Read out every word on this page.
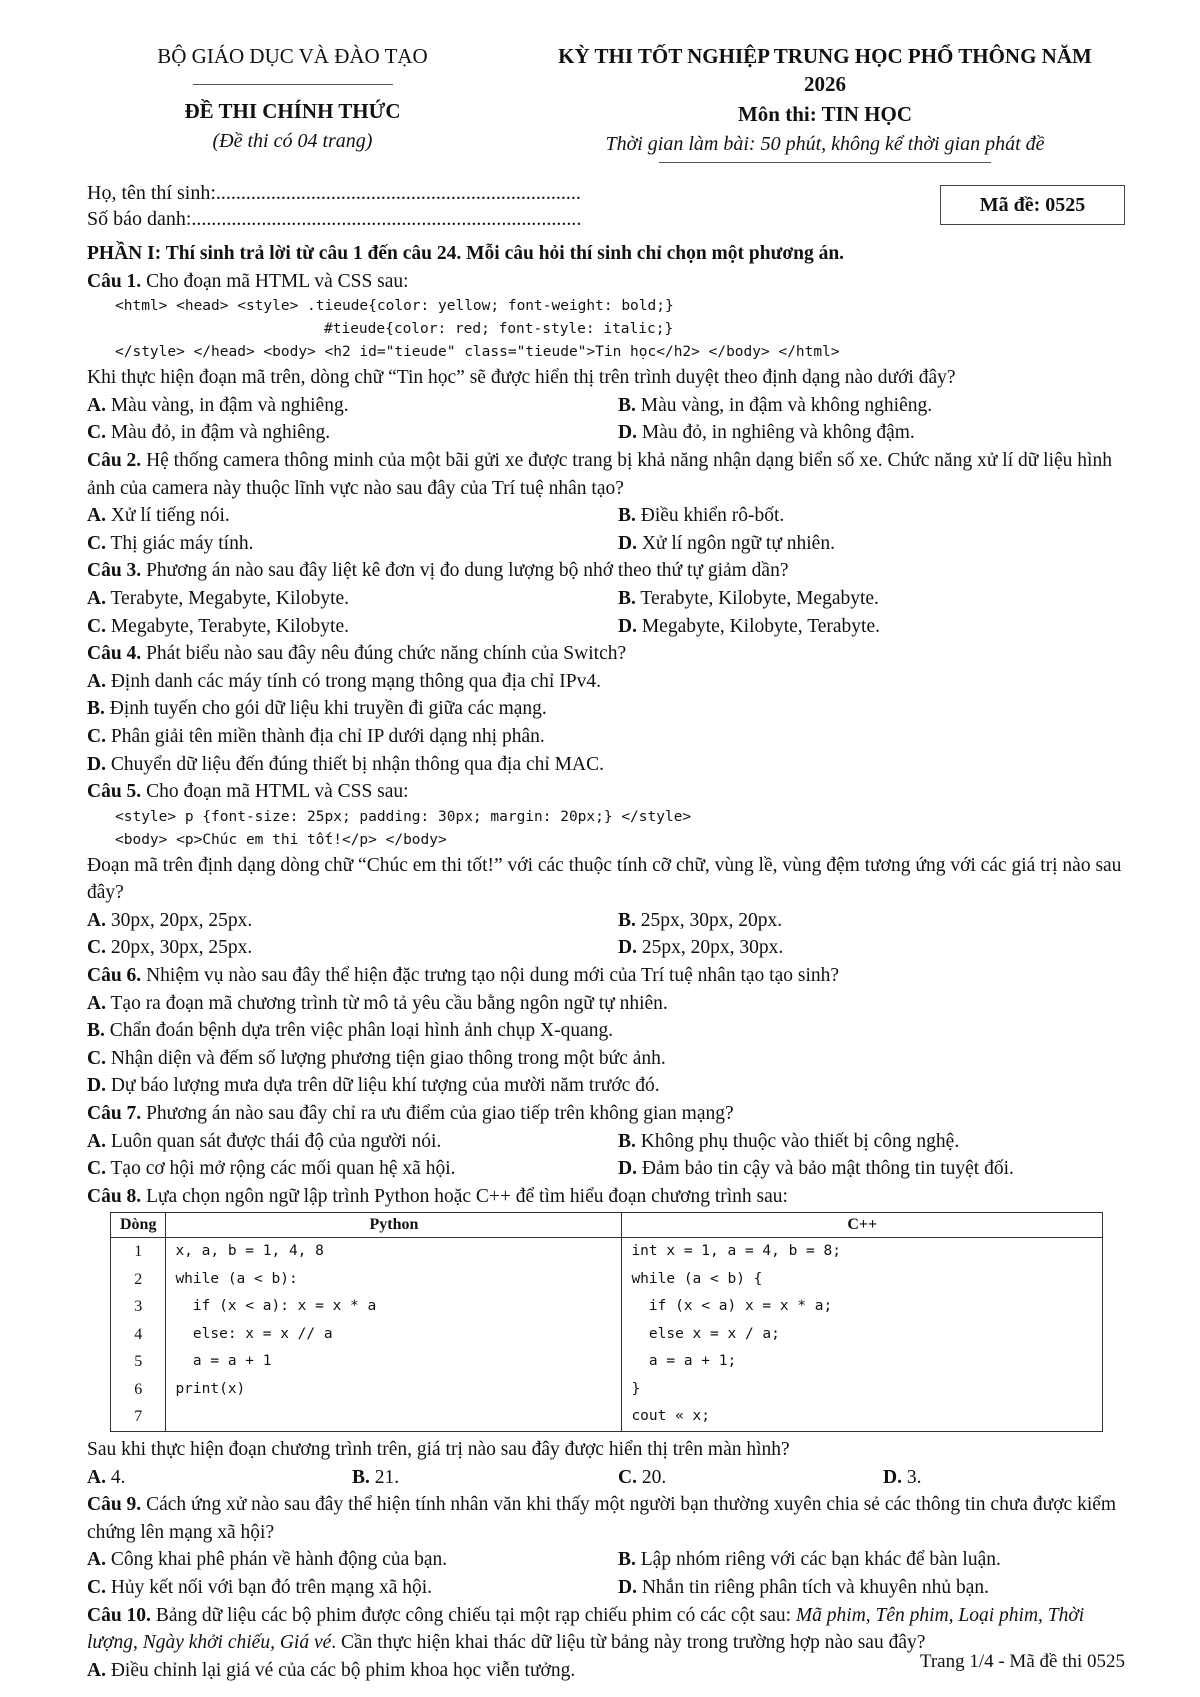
BỘ GIÁO DỤC VÀ ĐÀO TẠO
ĐỀ THI CHÍNH THỨC
(Đề thi có 04 trang)
KỲ THI TỐT NGHIỆP TRUNG HỌC PHỔ THÔNG NĂM 2026
Môn thi: TIN HỌC
Thời gian làm bài: 50 phút, không kể thời gian phát đề
Họ, tên thí sinh:.........................................................................
Số báo danh:..............................................................................
Mã đề: 0525
PHẦN I: Thí sinh trả lời từ câu 1 đến câu 24. Mỗi câu hỏi thí sinh chỉ chọn một phương án.
Câu 1. Cho đoạn mã HTML và CSS sau:
<html> <head> <style> .tieude{color: yellow; font-weight: bold;}
#tieude{color: red; font-style: italic;}
</style> </head> <body> <h2 id="tieude" class="tieude">Tin học</h2> </body> </html>
Khi thực hiện đoạn mã trên, dòng chữ “Tin học” sẽ được hiển thị trên trình duyệt theo định dạng nào dưới đây?
A. Màu vàng, in đậm và nghiêng.	B. Màu vàng, in đậm và không nghiêng.
C. Màu đỏ, in đậm và nghiêng.	D. Màu đỏ, in nghiêng và không đậm.
Câu 2. Hệ thống camera thông minh của một bãi gửi xe được trang bị khả năng nhận dạng biển số xe. Chức năng xử lí dữ liệu hình ảnh của camera này thuộc lĩnh vực nào sau đây của Trí tuệ nhân tạo?
A. Xử lí tiếng nói.	B. Điều khiển rô-bốt.
C. Thị giác máy tính.	D. Xử lí ngôn ngữ tự nhiên.
Câu 3. Phương án nào sau đây liệt kê đơn vị đo dung lượng bộ nhớ theo thứ tự giảm dần?
A. Terabyte, Megabyte, Kilobyte.	B. Terabyte, Kilobyte, Megabyte.
C. Megabyte, Terabyte, Kilobyte.	D. Megabyte, Kilobyte, Terabyte.
Câu 4. Phát biểu nào sau đây nêu đúng chức năng chính của Switch?
A. Định danh các máy tính có trong mạng thông qua địa chỉ IPv4.
B. Định tuyến cho gói dữ liệu khi truyền đi giữa các mạng.
C. Phân giải tên miền thành địa chỉ IP dưới dạng nhị phân.
D. Chuyển dữ liệu đến đúng thiết bị nhận thông qua địa chỉ MAC.
Câu 5. Cho đoạn mã HTML và CSS sau:
<style> p {font-size: 25px; padding: 30px; margin: 20px;} </style>
<body> <p>Chúc em thi tốt!</p> </body>
Đoạn mã trên định dạng dòng chữ “Chúc em thi tốt!” với các thuộc tính cỡ chữ, vùng lề, vùng đệm tương ứng với các giá trị nào sau đây?
A. 30px, 20px, 25px.	B. 25px, 30px, 20px.
C. 20px, 30px, 25px.	D. 25px, 20px, 30px.
Câu 6. Nhiệm vụ nào sau đây thể hiện đặc trưng tạo nội dung mới của Trí tuệ nhân tạo tạo sinh?
A. Tạo ra đoạn mã chương trình từ mô tả yêu cầu bằng ngôn ngữ tự nhiên.
B. Chẩn đoán bệnh dựa trên việc phân loại hình ảnh chụp X-quang.
C. Nhận diện và đếm số lượng phương tiện giao thông trong một bức ảnh.
D. Dự báo lượng mưa dựa trên dữ liệu khí tượng của mười năm trước đó.
Câu 7. Phương án nào sau đây chỉ ra ưu điểm của giao tiếp trên không gian mạng?
A. Luôn quan sát được thái độ của người nói.	B. Không phụ thuộc vào thiết bị công nghệ.
C. Tạo cơ hội mở rộng các mối quan hệ xã hội.	D. Đảm bảo tin cậy và bảo mật thông tin tuyệt đối.
Câu 8. Lựa chọn ngôn ngữ lập trình Python hoặc C++ để tìm hiểu đoạn chương trình sau:
Dòng	Python	C++
1	x, a, b = 1, 4, 8	int x = 1, a = 4, b = 8;
2	while (a < b):	while (a < b) {
3	if (x < a): x = x * a	if (x < a) x = x * a;
4	else: x = x // a	else x = x / a;
5	a = a + 1	a = a + 1;
6	print(x)	}
7		cout « x;
Sau khi thực hiện đoạn chương trình trên, giá trị nào sau đây được hiển thị trên màn hình?
A. 4.	B. 21.	C. 20.	D. 3.
Câu 9. Cách ứng xử nào sau đây thể hiện tính nhân văn khi thấy một người bạn thường xuyên chia sẻ các thông tin chưa được kiểm chứng lên mạng xã hội?
A. Công khai phê phán về hành động của bạn.	B. Lập nhóm riêng với các bạn khác để bàn luận.
C. Hủy kết nối với bạn đó trên mạng xã hội.	D. Nhắn tin riêng phân tích và khuyên nhủ bạn.
Câu 10. Bảng dữ liệu các bộ phim được công chiếu tại một rạp chiếu phim có các cột sau: Mã phim, Tên phim, Loại phim, Thời lượng, Ngày khởi chiếu, Giá vé. Cần thực hiện khai thác dữ liệu từ bảng này trong trường hợp nào sau đây?
A. Điều chỉnh lại giá vé của các bộ phim khoa học viễn tưởng.	Trang 1/4 - Mã đề thi 0525
